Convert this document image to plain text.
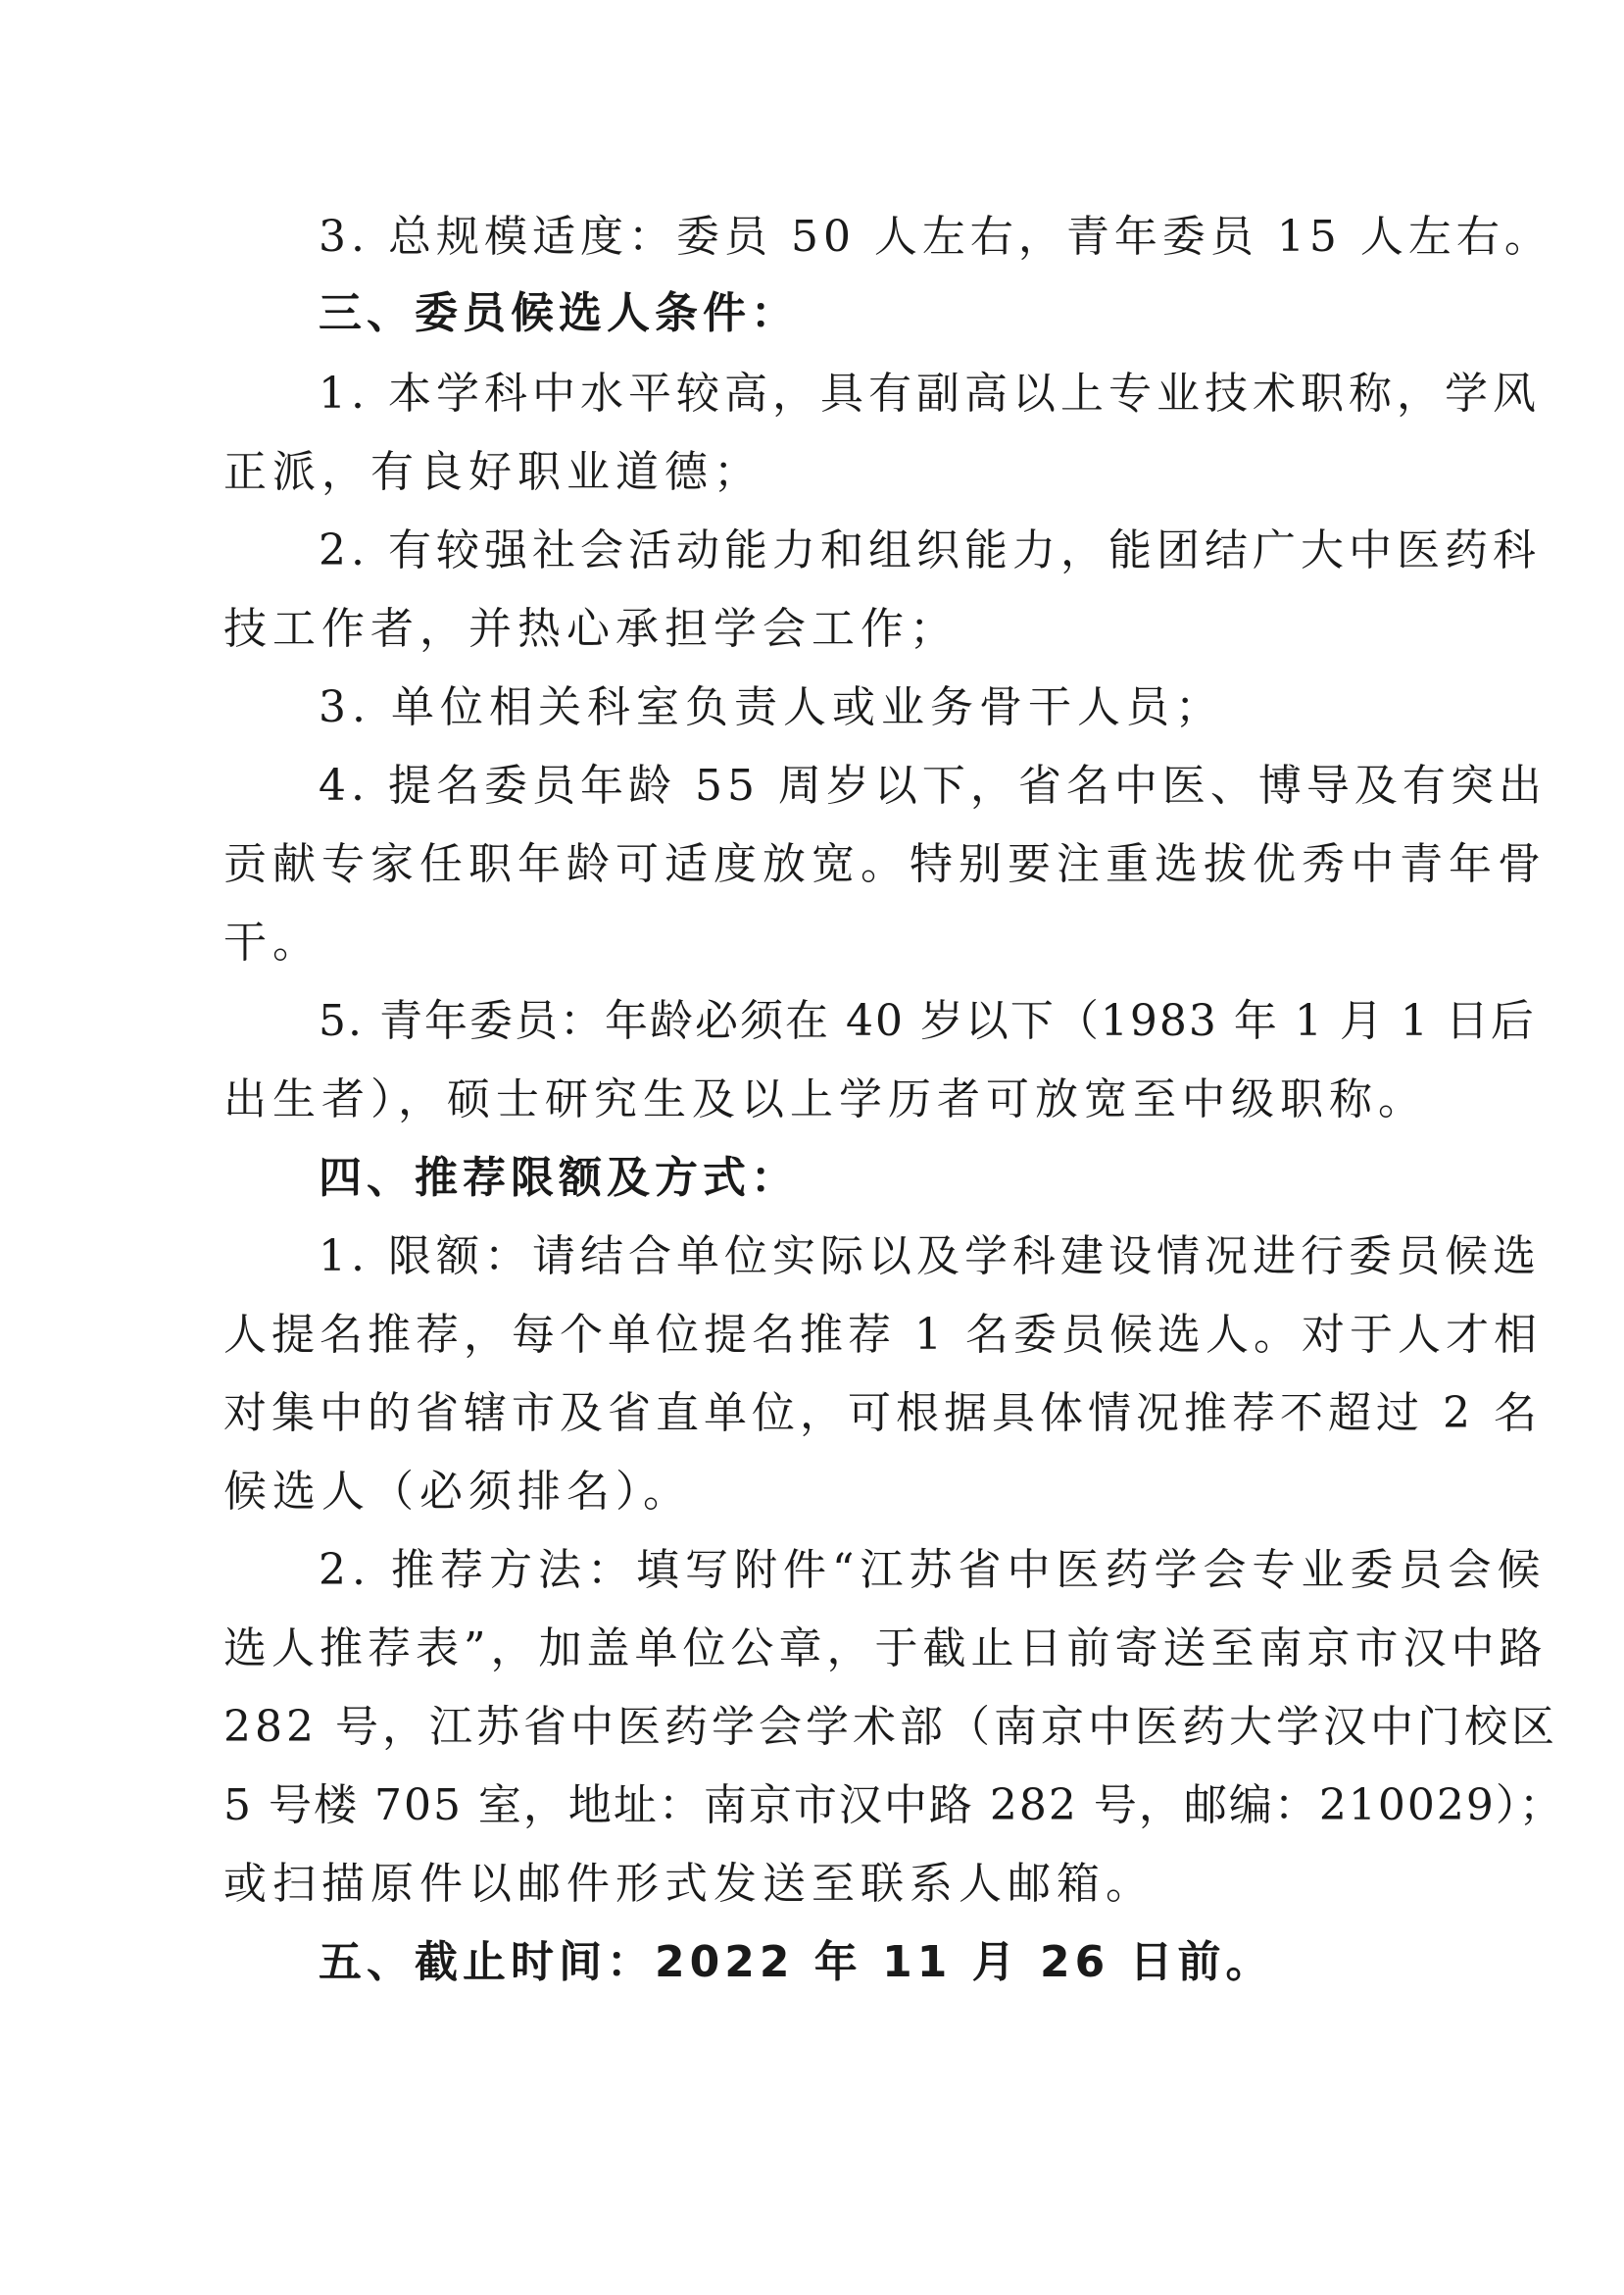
3. 总规模适度：委员 50 人左右，青年委员 15 人左右。
三、委员候选人条件：
1. 本学科中水平较高，具有副高以上专业技术职称，学风
正派，有良好职业道德；
2. 有较强社会活动能力和组织能力，能团结广大中医药科
技工作者，并热心承担学会工作；
3. 单位相关科室负责人或业务骨干人员；
4. 提名委员年龄 55 周岁以下，省名中医、博导及有突出
贡献专家任职年龄可适度放宽。特别要注重选拔优秀中青年骨
干。
5. 青年委员：年龄必须在 40 岁以下（1983 年 1 月 1 日后
出生者），硕士研究生及以上学历者可放宽至中级职称。
四、推荐限额及方式：
1. 限额：请结合单位实际以及学科建设情况进行委员候选
人提名推荐，每个单位提名推荐 1 名委员候选人。对于人才相
对集中的省辖市及省直单位，可根据具体情况推荐不超过 2 名
候选人（必须排名）。
2. 推荐方法：填写附件“江苏省中医药学会专业委员会候
选人推荐表”，加盖单位公章，于截止日前寄送至南京市汉中路
282 号，江苏省中医药学会学术部（南京中医药大学汉中门校区
5 号楼 705 室，地址：南京市汉中路 282 号，邮编：210029）；
或扫描原件以邮件形式发送至联系人邮箱。
五、截止时间：2022 年 11 月 26 日前。
